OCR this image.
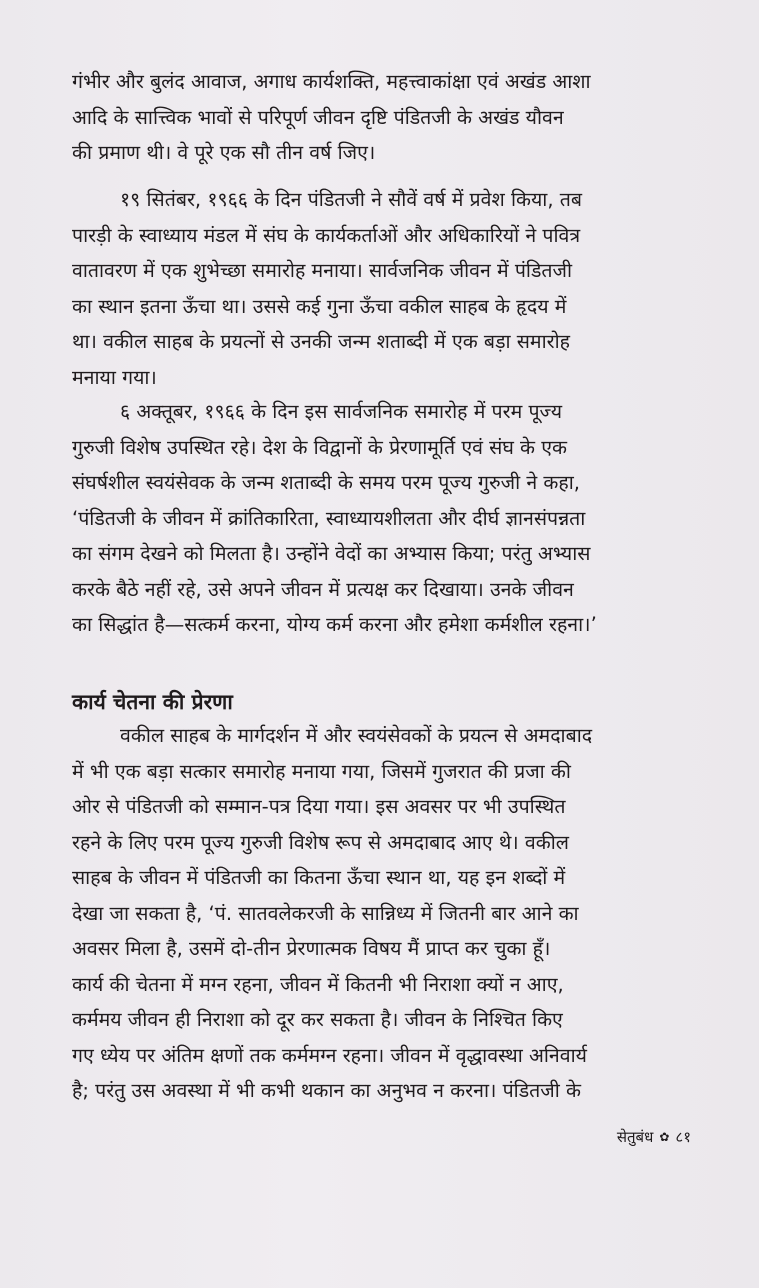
गंभीर और बुलंद आवाज, अगाध कार्यशक्ति, महत्त्वाकांक्षा एवं अखंड आशा
आदि के सात्त्विक भावों से परिपूर्ण जीवन दृष्टि पंडितजी के अखंड यौवन
की प्रमाण थी। वे पूरे एक सौ तीन वर्ष जिए।
१९ सितंबर, १९६६ के दिन पंडितजी ने सौवें वर्ष में प्रवेश किया, तब
पारड़ी के स्वाध्याय मंडल में संघ के कार्यकर्ताओं और अधिकारियों ने पवित्र
वातावरण में एक शुभेच्छा समारोह मनाया। सार्वजनिक जीवन में पंडितजी
का स्थान इतना ऊँचा था। उससे कई गुना ऊँचा वकील साहब के हृदय में
था। वकील साहब के प्रयत्नों से उनकी जन्म शताब्दी में एक बड़ा समारोह
मनाया गया।
६ अक्तूबर, १९६६ के दिन इस सार्वजनिक समारोह में परम पूज्य
गुरुजी विशेष उपस्थित रहे। देश के विद्वानों के प्रेरणामूर्ति एवं संघ के एक
संघर्षशील स्वयंसेवक के जन्म शताब्दी के समय परम पूज्य गुरुजी ने कहा,
‘पंडितजी के जीवन में क्रांतिकारिता, स्वाध्यायशीलता और दीर्घ ज्ञानसंपन्नता
का संगम देखने को मिलता है। उन्होंने वेदों का अभ्यास किया; परंतु अभ्यास
करके बैठे नहीं रहे, उसे अपने जीवन में प्रत्यक्ष कर दिखाया। उनके जीवन
का सिद्धांत है—सत्कर्म करना, योग्य कर्म करना और हमेशा कर्मशील रहना।’
कार्य चेतना की प्रेरणा
वकील साहब के मार्गदर्शन में और स्वयंसेवकों के प्रयत्न से अमदाबाद
में भी एक बड़ा सत्कार समारोह मनाया गया, जिसमें गुजरात की प्रजा की
ओर से पंडितजी को सम्मान-पत्र दिया गया। इस अवसर पर भी उपस्थित
रहने के लिए परम पूज्य गुरुजी विशेष रूप से अमदाबाद आए थे। वकील
साहब के जीवन में पंडितजी का कितना ऊँचा स्थान था, यह इन शब्दों में
देखा जा सकता है, ‘पं. सातवलेकरजी के सान्निध्य में जितनी बार आने का
अवसर मिला है, उसमें दो-तीन प्रेरणात्मक विषय मैं प्राप्त कर चुका हूँ।
कार्य की चेतना में मग्न रहना, जीवन में कितनी भी निराशा क्यों न आए,
कर्ममय जीवन ही निराशा को दूर कर सकता है। जीवन के निश्चित किए
गए ध्येय पर अंतिम क्षणों तक कर्ममग्न रहना। जीवन में वृद्धावस्था अनिवार्य
है; परंतु उस अवस्था में भी कभी थकान का अनुभव न करना। पंडितजी के
सेतुबंध ✿ ८१
